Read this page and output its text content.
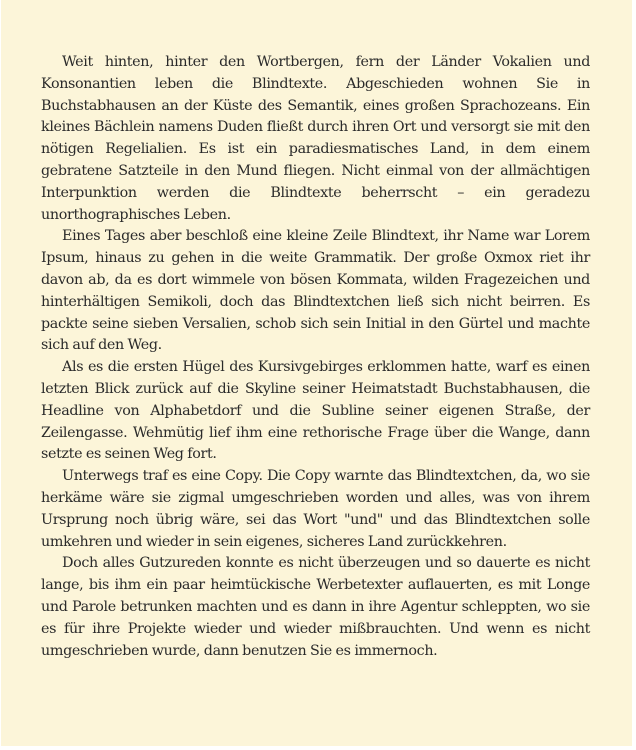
Weit hinten, hinter den Wortbergen, fern der Länder Vokalien und Konsonantien leben die Blindtexte. Abgeschieden wohnen Sie in Buchstabhausen an der Küste des Semantik, eines großen Sprachozeans. Ein kleines Bächlein namens Duden fließt durch ihren Ort und versorgt sie mit den nötigen Regelialien. Es ist ein paradiesmatisches Land, in dem einem gebratene Satzteile in den Mund fliegen. Nicht einmal von der allmächtigen Interpunktion werden die Blindtexte beherrscht – ein geradezu unorthographisches Leben.

Eines Tages aber beschloß eine kleine Zeile Blindtext, ihr Name war Lorem Ipsum, hinaus zu gehen in die weite Grammatik. Der große Oxmox riet ihr davon ab, da es dort wimmele von bösen Kommata, wilden Fragezeichen und hinterhältigen Semikoli, doch das Blindtextchen ließ sich nicht beirren. Es packte seine sieben Versalien, schob sich sein Initial in den Gürtel und machte sich auf den Weg.

Als es die ersten Hügel des Kursivgebirges erklommen hatte, warf es einen letzten Blick zurück auf die Skyline seiner Heimatstadt Buchstabhausen, die Headline von Alphabetdorf und die Subline seiner eigenen Straße, der Zeilengasse. Wehmütig lief ihm eine rethorische Frage über die Wange, dann setzte es seinen Weg fort.

Unterwegs traf es eine Copy. Die Copy warnte das Blindtextchen, da, wo sie herkäme wäre sie zigmal umgeschrieben worden und alles, was von ihrem Ursprung noch übrig wäre, sei das Wort "und" und das Blindtextchen solle umkehren und wieder in sein eigenes, sicheres Land zurückkehren.

Doch alles Gutzureden konnte es nicht überzeugen und so dauerte es nicht lange, bis ihm ein paar heimtückische Werbetexter auflauerten, es mit Longe und Parole betrunken machten und es dann in ihre Agentur schleppten, wo sie es für ihre Projekte wieder und wieder mißbrauchten. Und wenn es nicht umgeschrieben wurde, dann benutzen Sie es immernoch.
